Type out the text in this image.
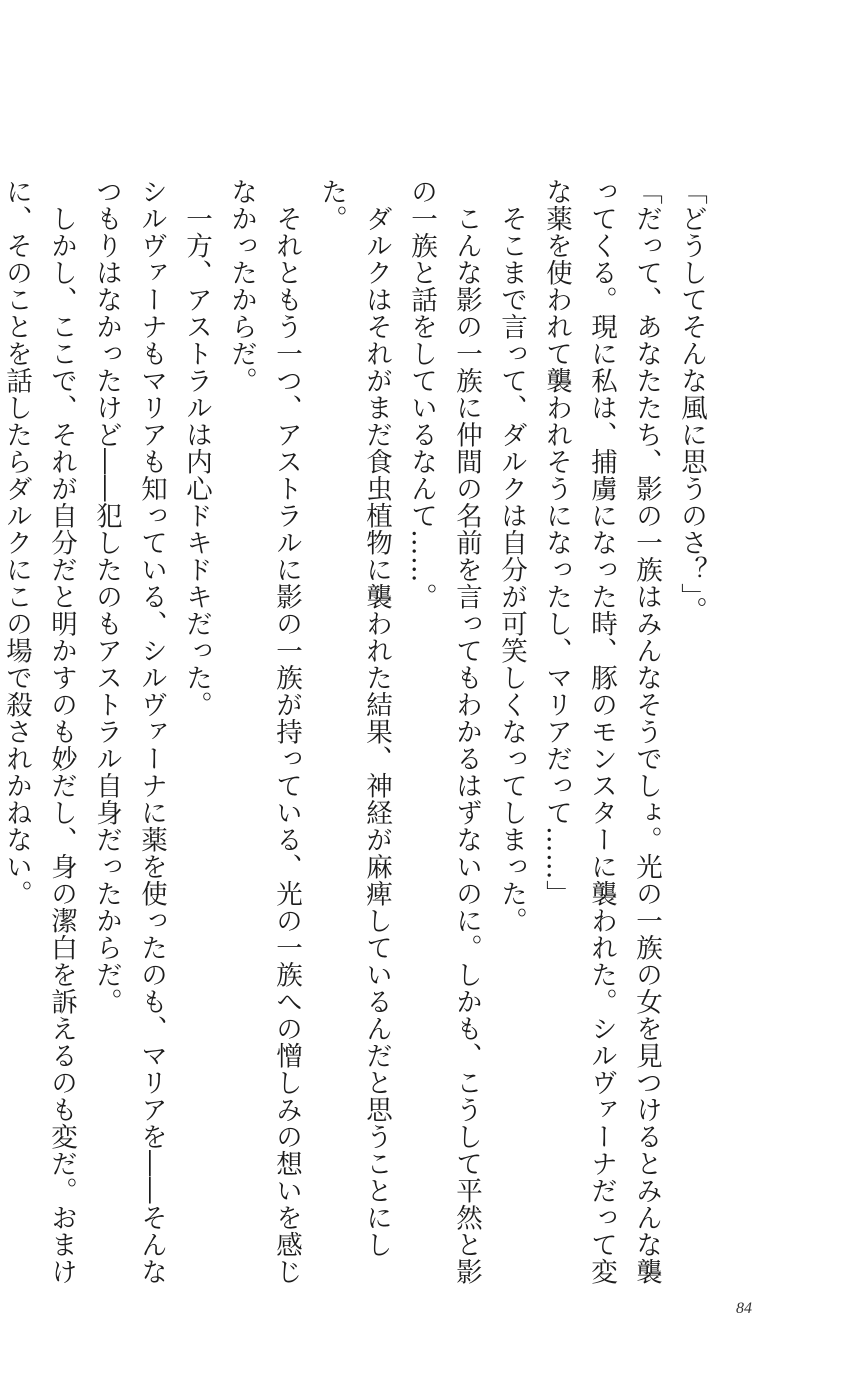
「どうしてそんな風に思うのさ？」。

「だって、あなたたち、影の一族はみんなそうでしょ。光の一族の女を見つけるとみんな襲ってくる。現に私は、捕虜になった時、豚のモンスターに襲われた。シルヴァーナだって変な薬を使われて襲われそうになったし、マリアだって……」

そこまで言って、ダルクは自分が可笑しくなってしまった。

こんな影の一族に仲間の名前を言ってもわかるはずないのに。しかも、こうして平然と影の一族と話をしているなんて……。

ダルクはそれがまだ食虫植物に襲われた結果、神経が麻痺しているんだと思うことにした。

それともう一つ、アストラルに影の一族が持っている、光の一族への憎しみの想いを感じなかったからだ。

一方、アストラルは内心ドキドキだった。

シルヴァーナもマリアも知っている、シルヴァーナに薬を使ったのも、マリアを――そんなつもりはなかったけど――犯したのもアストラル自身だったからだ。

しかし、ここで、それが自分だと明かすのも妙だし、身の潔白を訴えるのも変だ。おまけに、そのことを話したらダルクにこの場で殺されかねない。

84
